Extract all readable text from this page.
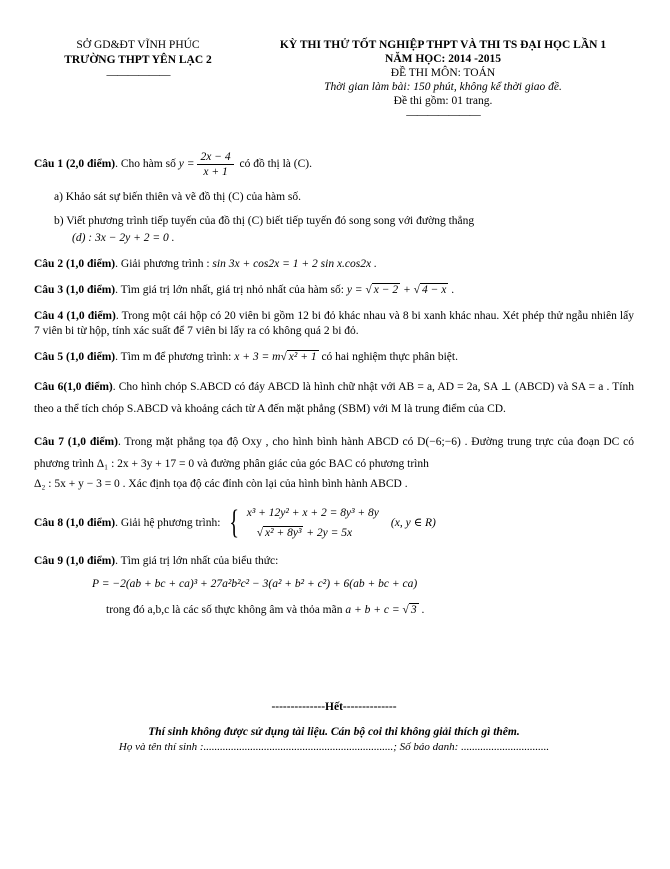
SỞ GD&ĐT VĨNH PHÚC
TRƯỜNG THPT YÊN LẠC 2
——————
KỲ THI THỬ TỐT NGHIỆP THPT VÀ THI TS ĐẠI HỌC LẦN 1
NĂM HỌC: 2014 -2015
ĐỀ THI MÔN: TOÁN
Thời gian làm bài: 150 phút, không kể thời giao đề.
Đề thi gồm: 01 trang.
———————

Câu 1 (2,0 điểm). Cho hàm số $y = \frac{2x - 4}{x + 1}$ có đồ thị là (C).

a) Khảo sát sự biến thiên và vẽ đồ thị (C) của hàm số.

b) Viết phương trình tiếp tuyến của đồ thị (C) biết tiếp tuyến đó song song với đường thẳng

(d) : 3x − 2y + 2 = 0 .

Câu 2 (1,0 điểm). Giải phương trình : sin 3x + cos2x = 1 + 2 sin x.cos2x .

Câu 3 (1,0 điểm). Tìm giá trị lớn nhất, giá trị nhỏ nhất của hàm số: y = √ x − 2 + √ 4 − x .

Câu 4 (1,0 điểm). Trong một cái hộp có 20 viên bi gồm 12 bi đỏ khác nhau và 8 bi xanh khác nhau. Xét phép thử ngẫu nhiên lấy 7 viên bi từ hộp, tính xác suất để 7 viên bi lấy ra có không quá 2 bi đỏ.

Câu 5 (1,0 điểm). Tìm m để phương trình: x + 3 = m√ x² + 1 có hai nghiệm thực phân biệt.

Câu 6(1,0 điểm). Cho hình chóp S.ABCD có đáy ABCD là hình chữ nhật với AB = a, AD = 2a, SA ⊥ (ABCD) và SA = a . Tính theo a thể tích chóp S.ABCD và khoảng cách từ A đến mặt phẳng (SBM) với M là trung điểm của CD.

Câu 7 (1,0 điểm). Trong mặt phẳng tọa độ Oxy , cho hình bình hành ABCD có D(−6;−6) . Đường trung trực của đoạn DC có phương trình Δ₁ : 2x + 3y + 17 = 0 và đường phân giác của góc BAC có phương trình

Δ₂ : 5x + y − 3 = 0 . Xác định tọa độ các đỉnh còn lại của hình bình hành ABCD .

Câu 8 (1,0 điểm). Giải hệ phương trình: { x³ + 12y² + x + 2 = 8y³ + 8y
√ x² + 8y³ + 2y = 5x
(x, y ∈ R)

Câu 9 (1,0 điểm). Tìm giá trị lớn nhất của biểu thức:

P = −2(ab + bc + ca)³ + 27a²b²c² − 3(a² + b² + c²) + 6(ab + bc + ca)

trong đó a,b,c là các số thực không âm và thỏa mãn a + b + c = √ 3 .

--------------Hết--------------
Thí sinh không được sử dụng tài liệu. Cán bộ coi thi không giải thích gì thêm.
Họ và tên thí sinh :.....................................................................; Số báo danh: ................................
